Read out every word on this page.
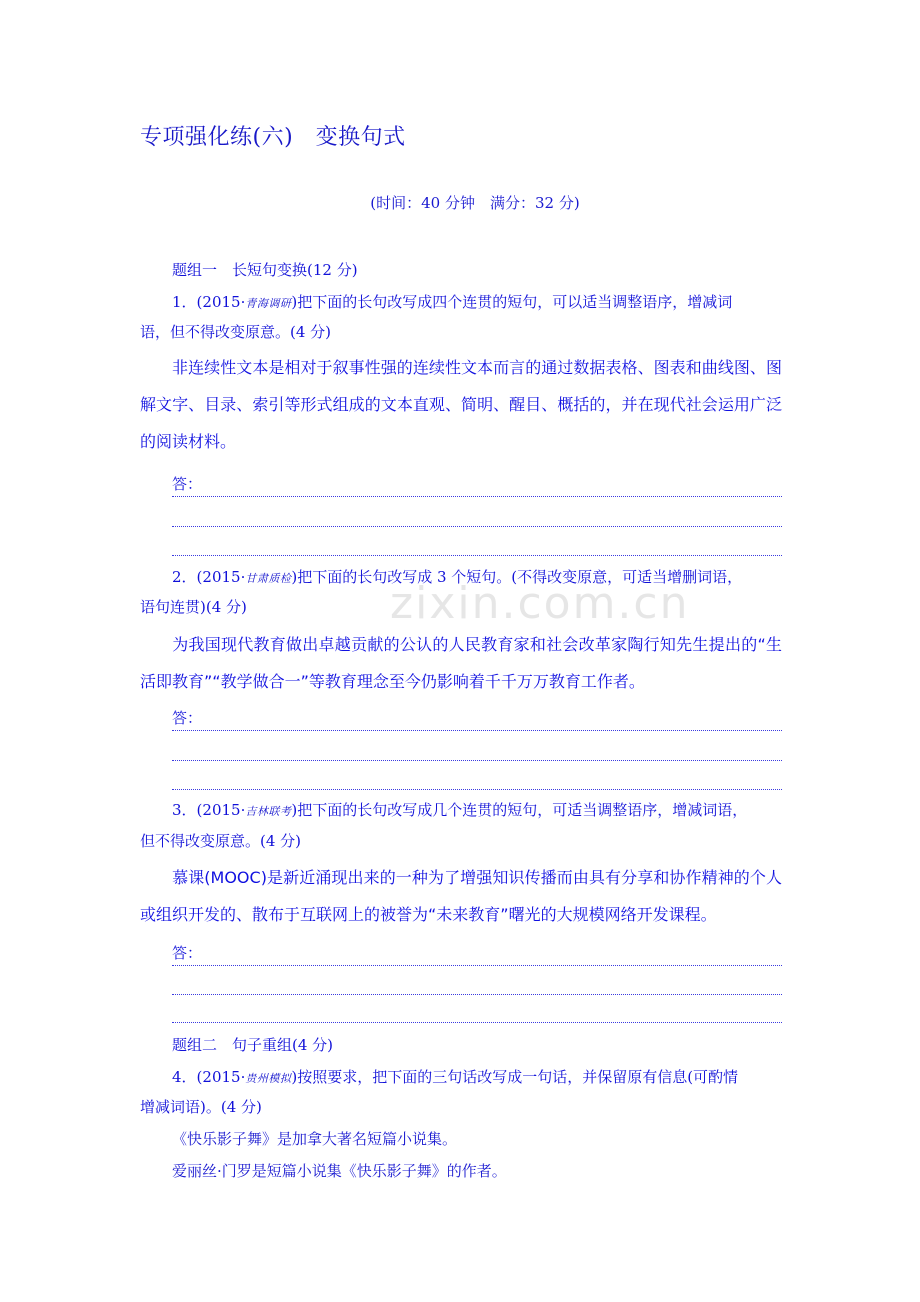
zixin.com.cn
专项强化练(六)　变换句式
(时间：40 分钟　满分：32 分)
题组一　长短句变换(12 分)
1．(2015·青海调研)把下面的长句改写成四个连贯的短句，可以适当调整语序，增减词
语，但不得改变原意。(4 分)
非连续性文本是相对于叙事性强的连续性文本而言的通过数据表格、图表和曲线图、图解文字、目录、索引等形式组成的文本直观、简明、醒目、概括的，并在现代社会运用广泛的阅读材料。
答：
2．(2015·甘肃质检)把下面的长句改写成 3 个短句。(不得改变原意，可适当增删词语，
语句连贯)(4 分)
为我国现代教育做出卓越贡献的公认的人民教育家和社会改革家陶行知先生提出的“生活即教育”“教学做合一”等教育理念至今仍影响着千千万万教育工作者。
答：
3．(2015·吉林联考)把下面的长句改写成几个连贯的短句，可适当调整语序，增减词语，
但不得改变原意。(4 分)
慕课(MOOC)是新近涌现出来的一种为了增强知识传播而由具有分享和协作精神的个人或组织开发的、散布于互联网上的被誉为“未来教育”曙光的大规模网络开发课程。
答：
题组二　句子重组(4 分)
4．(2015·贵州模拟)按照要求，把下面的三句话改写成一句话，并保留原有信息(可酌情
增减词语)。(4 分)
《快乐影子舞》是加拿大著名短篇小说集。
爱丽丝·门罗是短篇小说集《快乐影子舞》的作者。
